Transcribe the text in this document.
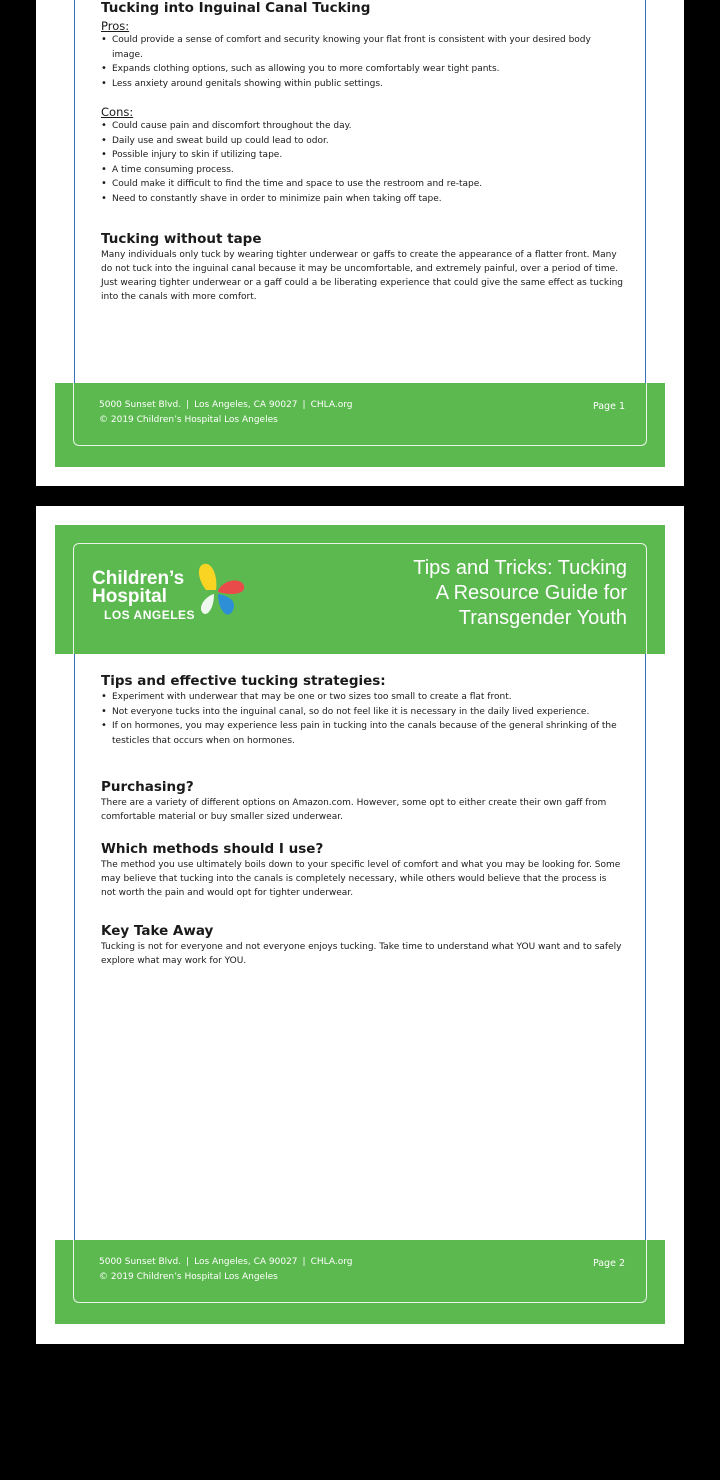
Tucking into Inguinal Canal Tucking
Pros:
• Could provide a sense of comfort and security knowing your flat front is consistent with your desired body image.
• Expands clothing options, such as allowing you to more comfortably wear tight pants.
• Less anxiety around genitals showing within public settings.
Cons:
• Could cause pain and discomfort throughout the day.
• Daily use and sweat build up could lead to odor.
• Possible injury to skin if utilizing tape.
• A time consuming process.
• Could make it difficult to find the time and space to use the restroom and re-tape.
• Need to constantly shave in order to minimize pain when taking off tape.
Tucking without tape

Many individuals only tuck by wearing tighter underwear or gaffs to create the appearance of a flatter front. Many do not tuck into the inguinal canal because it may be uncomfortable, and extremely painful, over a period of time. Just wearing tighter underwear or a gaff could a be liberating experience that could give the same effect as tucking into the canals with more comfort.

5000 Sunset Blvd. | Los Angeles, CA 90027 | CHLA.org
© 2019 Children’s Hospital Los Angeles
Page 1
Children’s
Hospital
LOS ANGELES
Tips and Tricks: Tucking
A Resource Guide for
Transgender Youth
Tips and effective tucking strategies:
• Experiment with underwear that may be one or two sizes too small to create a flat front.
• Not everyone tucks into the inguinal canal, so do not feel like it is necessary in the daily lived experience.
• If on hormones, you may experience less pain in tucking into the canals because of the general shrinking of the testicles that occurs when on hormones.
Purchasing?

There are a variety of different options on Amazon.com. However, some opt to either create their own gaff from comfortable material or buy smaller sized underwear.

Which methods should I use?

The method you use ultimately boils down to your specific level of comfort and what you may be looking for. Some may believe that tucking into the canals is completely necessary, while others would believe that the process is not worth the pain and would opt for tighter underwear.

Key Take Away

Tucking is not for everyone and not everyone enjoys tucking. Take time to understand what YOU want and to safely explore what may work for YOU.

5000 Sunset Blvd. | Los Angeles, CA 90027 | CHLA.org
© 2019 Children’s Hospital Los Angeles
Page 2
